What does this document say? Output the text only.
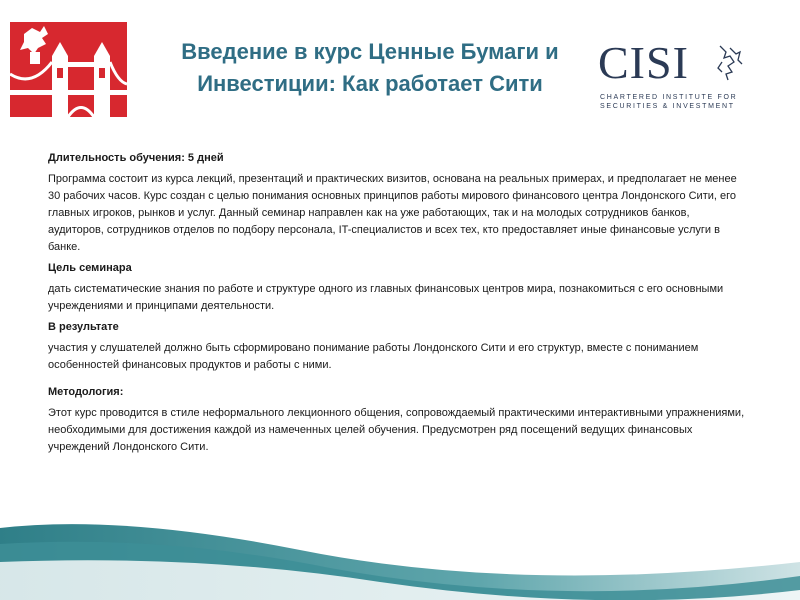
Введение в курс Ценные Бумаги и
Инвестиции: Как работает Сити	CISI
CHARTERED INSTITUTE FOR
SECURITIES & INVESTMENT

Длительность обучения: 5 дней

Программа состоит из курса лекций, презентаций и практических визитов, основана на реальных примерах, и предполагает не менее 30 рабочих часов. Курс создан с целью понимания основных принципов работы мирового финансового центра Лондонского Сити, его главных игроков, рынков и услуг. Данный семинар направлен как на уже работающих, так и на молодых сотрудников банков, аудиторов, сотрудников отделов по подбору персонала, IT-специалистов и всех тех, кто предоставляет иные финансовые услуги в банке.

Цель семинара

дать систематические знания по работе и структуре одного из главных финансовых центров мира, познакомиться с его основными учреждениями и принципами деятельности.

В результате

участия у слушателей должно быть сформировано понимание работы Лондонского Сити и его структур, вместе с пониманием особенностей финансовых продуктов и работы с ними.

Методология:

Этот курс проводится в стиле неформального лекционного общения, сопровождаемый практическими интерактивными упражнениями, необходимыми для достижения каждой из намеченных целей обучения. Предусмотрен ряд посещений ведущих финансовых учреждений Лондонского Сити.
